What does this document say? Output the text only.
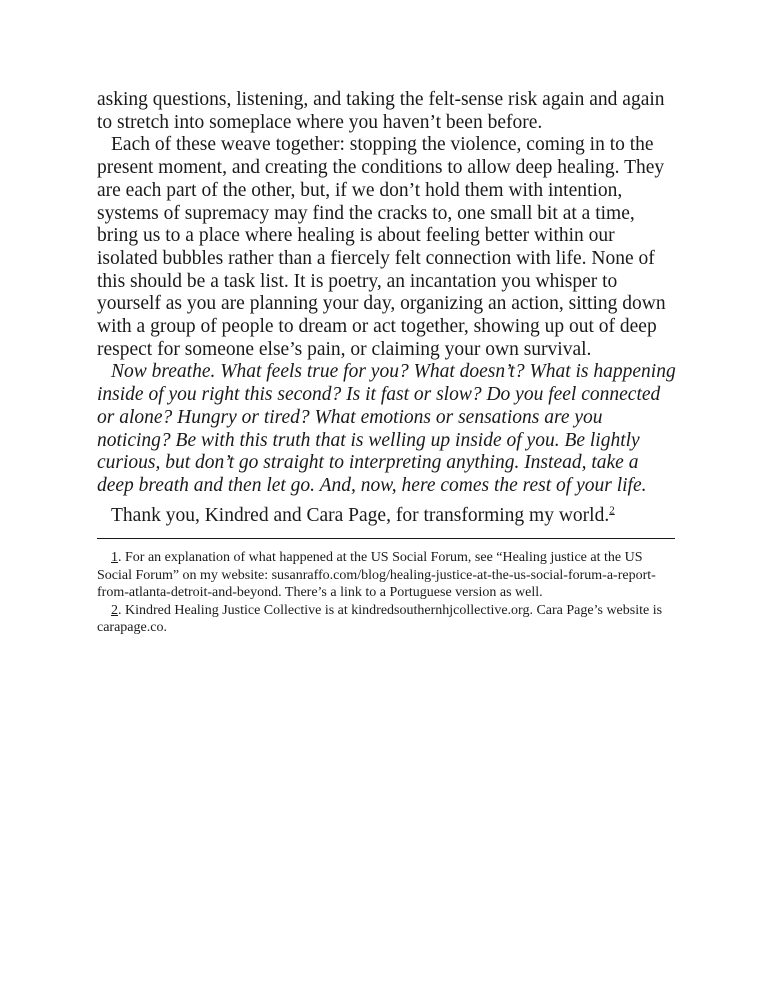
asking questions, listening, and taking the felt-sense risk again and again to stretch into someplace where you haven’t been before.

Each of these weave together: stopping the violence, coming in to the present moment, and creating the conditions to allow deep healing. They are each part of the other, but, if we don’t hold them with intention, systems of supremacy may find the cracks to, one small bit at a time, bring us to a place where healing is about feeling better within our isolated bubbles rather than a fiercely felt connection with life. None of this should be a task list. It is poetry, an incantation you whisper to yourself as you are planning your day, organizing an action, sitting down with a group of people to dream or act together, showing up out of deep respect for someone else’s pain, or claiming your own survival.

Now breathe. What feels true for you? What doesn’t? What is happening inside of you right this second? Is it fast or slow? Do you feel connected or alone? Hungry or tired? What emotions or sensations are you noticing? Be with this truth that is welling up inside of you. Be lightly curious, but don’t go straight to interpreting anything. Instead, take a deep breath and then let go. And, now, here comes the rest of your life.

Thank you, Kindred and Cara Page, for transforming my world.$^2$

1. For an explanation of what happened at the US Social Forum, see “Healing justice at the US Social Forum” on my website: susanraffo.com/blog/healing-justice-at-the-us-social-forum-a-report-from-atlanta-detroit-and-beyond. There’s a link to a Portuguese version as well.

2. Kindred Healing Justice Collective is at kindredsouthernhjcollective.org. Cara Page’s website is carapage.co.
